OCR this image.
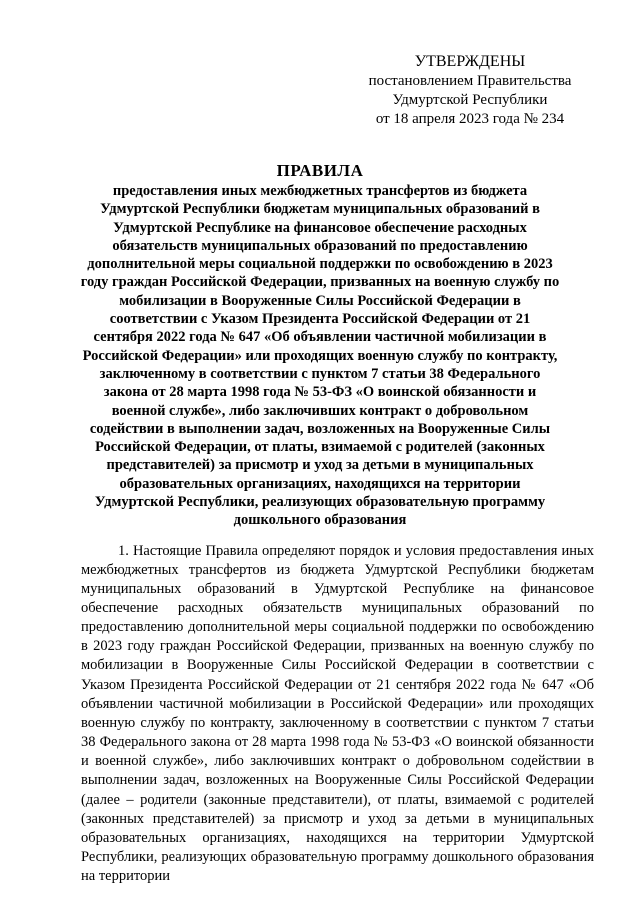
УТВЕРЖДЕНЫ
постановлением Правительства
Удмуртской Республики
от 18 апреля 2023 года № 234
ПРАВИЛА
предоставления иных межбюджетных трансфертов из бюджета Удмуртской Республики бюджетам муниципальных образований в Удмуртской Республике на финансовое обеспечение расходных обязательств муниципальных образований по предоставлению дополнительной меры социальной поддержки по освобождению в 2023 году граждан Российской Федерации, призванных на военную службу по мобилизации в Вооруженные Силы Российской Федерации в соответствии с Указом Президента Российской Федерации от 21 сентября 2022 года № 647 «Об объявлении частичной мобилизации в Российской Федерации» или проходящих военную службу по контракту, заключенному в соответствии с пунктом 7 статьи 38 Федерального закона от 28 марта 1998 года № 53-ФЗ «О воинской обязанности и военной службе», либо заключивших контракт о добровольном содействии в выполнении задач, возложенных на Вооруженные Силы Российской Федерации, от платы, взимаемой с родителей (законных представителей) за присмотр и уход за детьми в муниципальных образовательных организациях, находящихся на территории Удмуртской Республики, реализующих образовательную программу дошкольного образования

1. Настоящие Правила определяют порядок и условия предоставления иных межбюджетных трансфертов из бюджета Удмуртской Республики бюджетам муниципальных образований в Удмуртской Республике на финансовое обеспечение расходных обязательств муниципальных образований по предоставлению дополнительной меры социальной поддержки по освобождению в 2023 году граждан Российской Федерации, призванных на военную службу по мобилизации в Вооруженные Силы Российской Федерации в соответствии с Указом Президента Российской Федерации от 21 сентября 2022 года № 647 «Об объявлении частичной мобилизации в Российской Федерации» или проходящих военную службу по контракту, заключенному в соответствии с пунктом 7 статьи 38 Федерального закона от 28 марта 1998 года № 53-ФЗ «О воинской обязанности и военной службе», либо заключивших контракт о добровольном содействии в выполнении задач, возложенных на Вооруженные Силы Российской Федерации (далее – родители (законные представители), от платы, взимаемой с родителей (законных представителей) за присмотр и уход за детьми в муниципальных образовательных организациях, находящихся на территории Удмуртской Республики, реализующих образовательную программу дошкольного образования на территории
